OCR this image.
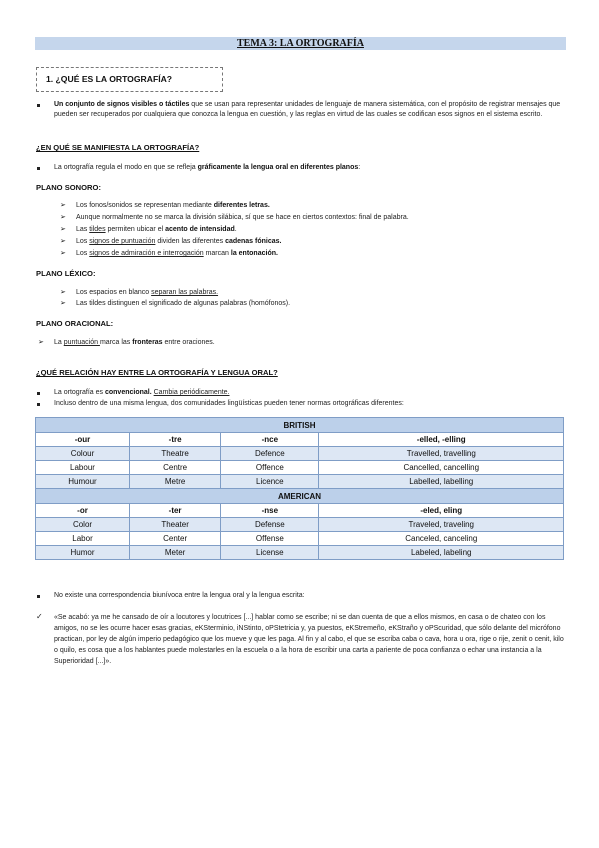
TEMA 3: LA ORTOGRAFÍA
1. ¿QUÉ ES LA ORTOGRAFÍA?
Un conjunto de signos visibles o táctiles que se usan para representar unidades de lenguaje de manera sistemática, con el propósito de registrar mensajes que pueden ser recuperados por cualquiera que conozca la lengua en cuestión, y las reglas en virtud de las cuales se codifican esos signos en el sistema escrito.
¿EN QUÉ SE MANIFIESTA LA ORTOGRAFÍA?
La ortografía regula el modo en que se refleja gráficamente la lengua oral en diferentes planos:
PLANO SONORO:
➢ Los fonos/sonidos se representan mediante diferentes letras.
➢ Aunque normalmente no se marca la división silábica, sí que se hace en ciertos contextos: final de palabra.
➢ Las tildes permiten ubicar el acento de intensidad.
➢ Los signos de puntuación dividen las diferentes cadenas fónicas.
➢ Los signos de admiración e interrogación marcan la entonación.
PLANO LÉXICO:
➢ Los espacios en blanco separan las palabras.
➢ Las tildes distinguen el significado de algunas palabras (homófonos).
PLANO ORACIONAL:
➢ La puntuación marca las fronteras entre oraciones.
¿QUÉ RELACIÓN HAY ENTRE LA ORTOGRAFÍA Y LENGUA ORAL?
La ortografía es convencional. Cambia periódicamente.
Incluso dentro de una misma lengua, dos comunidades lingüísticas pueden tener normas ortográficas diferentes:
BRITISH			
-our	-tre	-nce	-elled, -elling
Colour	Theatre	Defence	Travelled, travelling
Labour	Centre	Offence	Cancelled, cancelling
Humour	Metre	Licence	Labelled, labelling
AMERICAN			
-or	-ter	-nse	-eled, eling
Color	Theater	Defense	Traveled, traveling
Labor	Center	Offense	Canceled, canceling
Humor	Meter	License	Labeled, labeling
No existe una correspondencia biunívoca entre la lengua oral y la lengua escrita:
✓ «Se acabó: ya me he cansado de oír a locutores y locutrices [...] hablar como se escribe; ni se dan cuenta de que a ellos mismos, en casa o de chateo con los amigos, no se les ocurre hacer esas gracias, eKSterminio, iNStinto, oPStetricia y, ya puestos, eKStremeño, eKStraño y oPScuridad, que sólo delante del micrófono practican, por ley de algún imperio pedagógico que los mueve y que les paga. Al fin y al cabo, el que se escriba caba o cava, hora u ora, rige o rije, zenit o cenit, kilo o quilo, es cosa que a los hablantes puede molestarles en la escuela o a la hora de escribir una carta a pariente de poca confianza o echar una instancia a la Superioridad [...]».
